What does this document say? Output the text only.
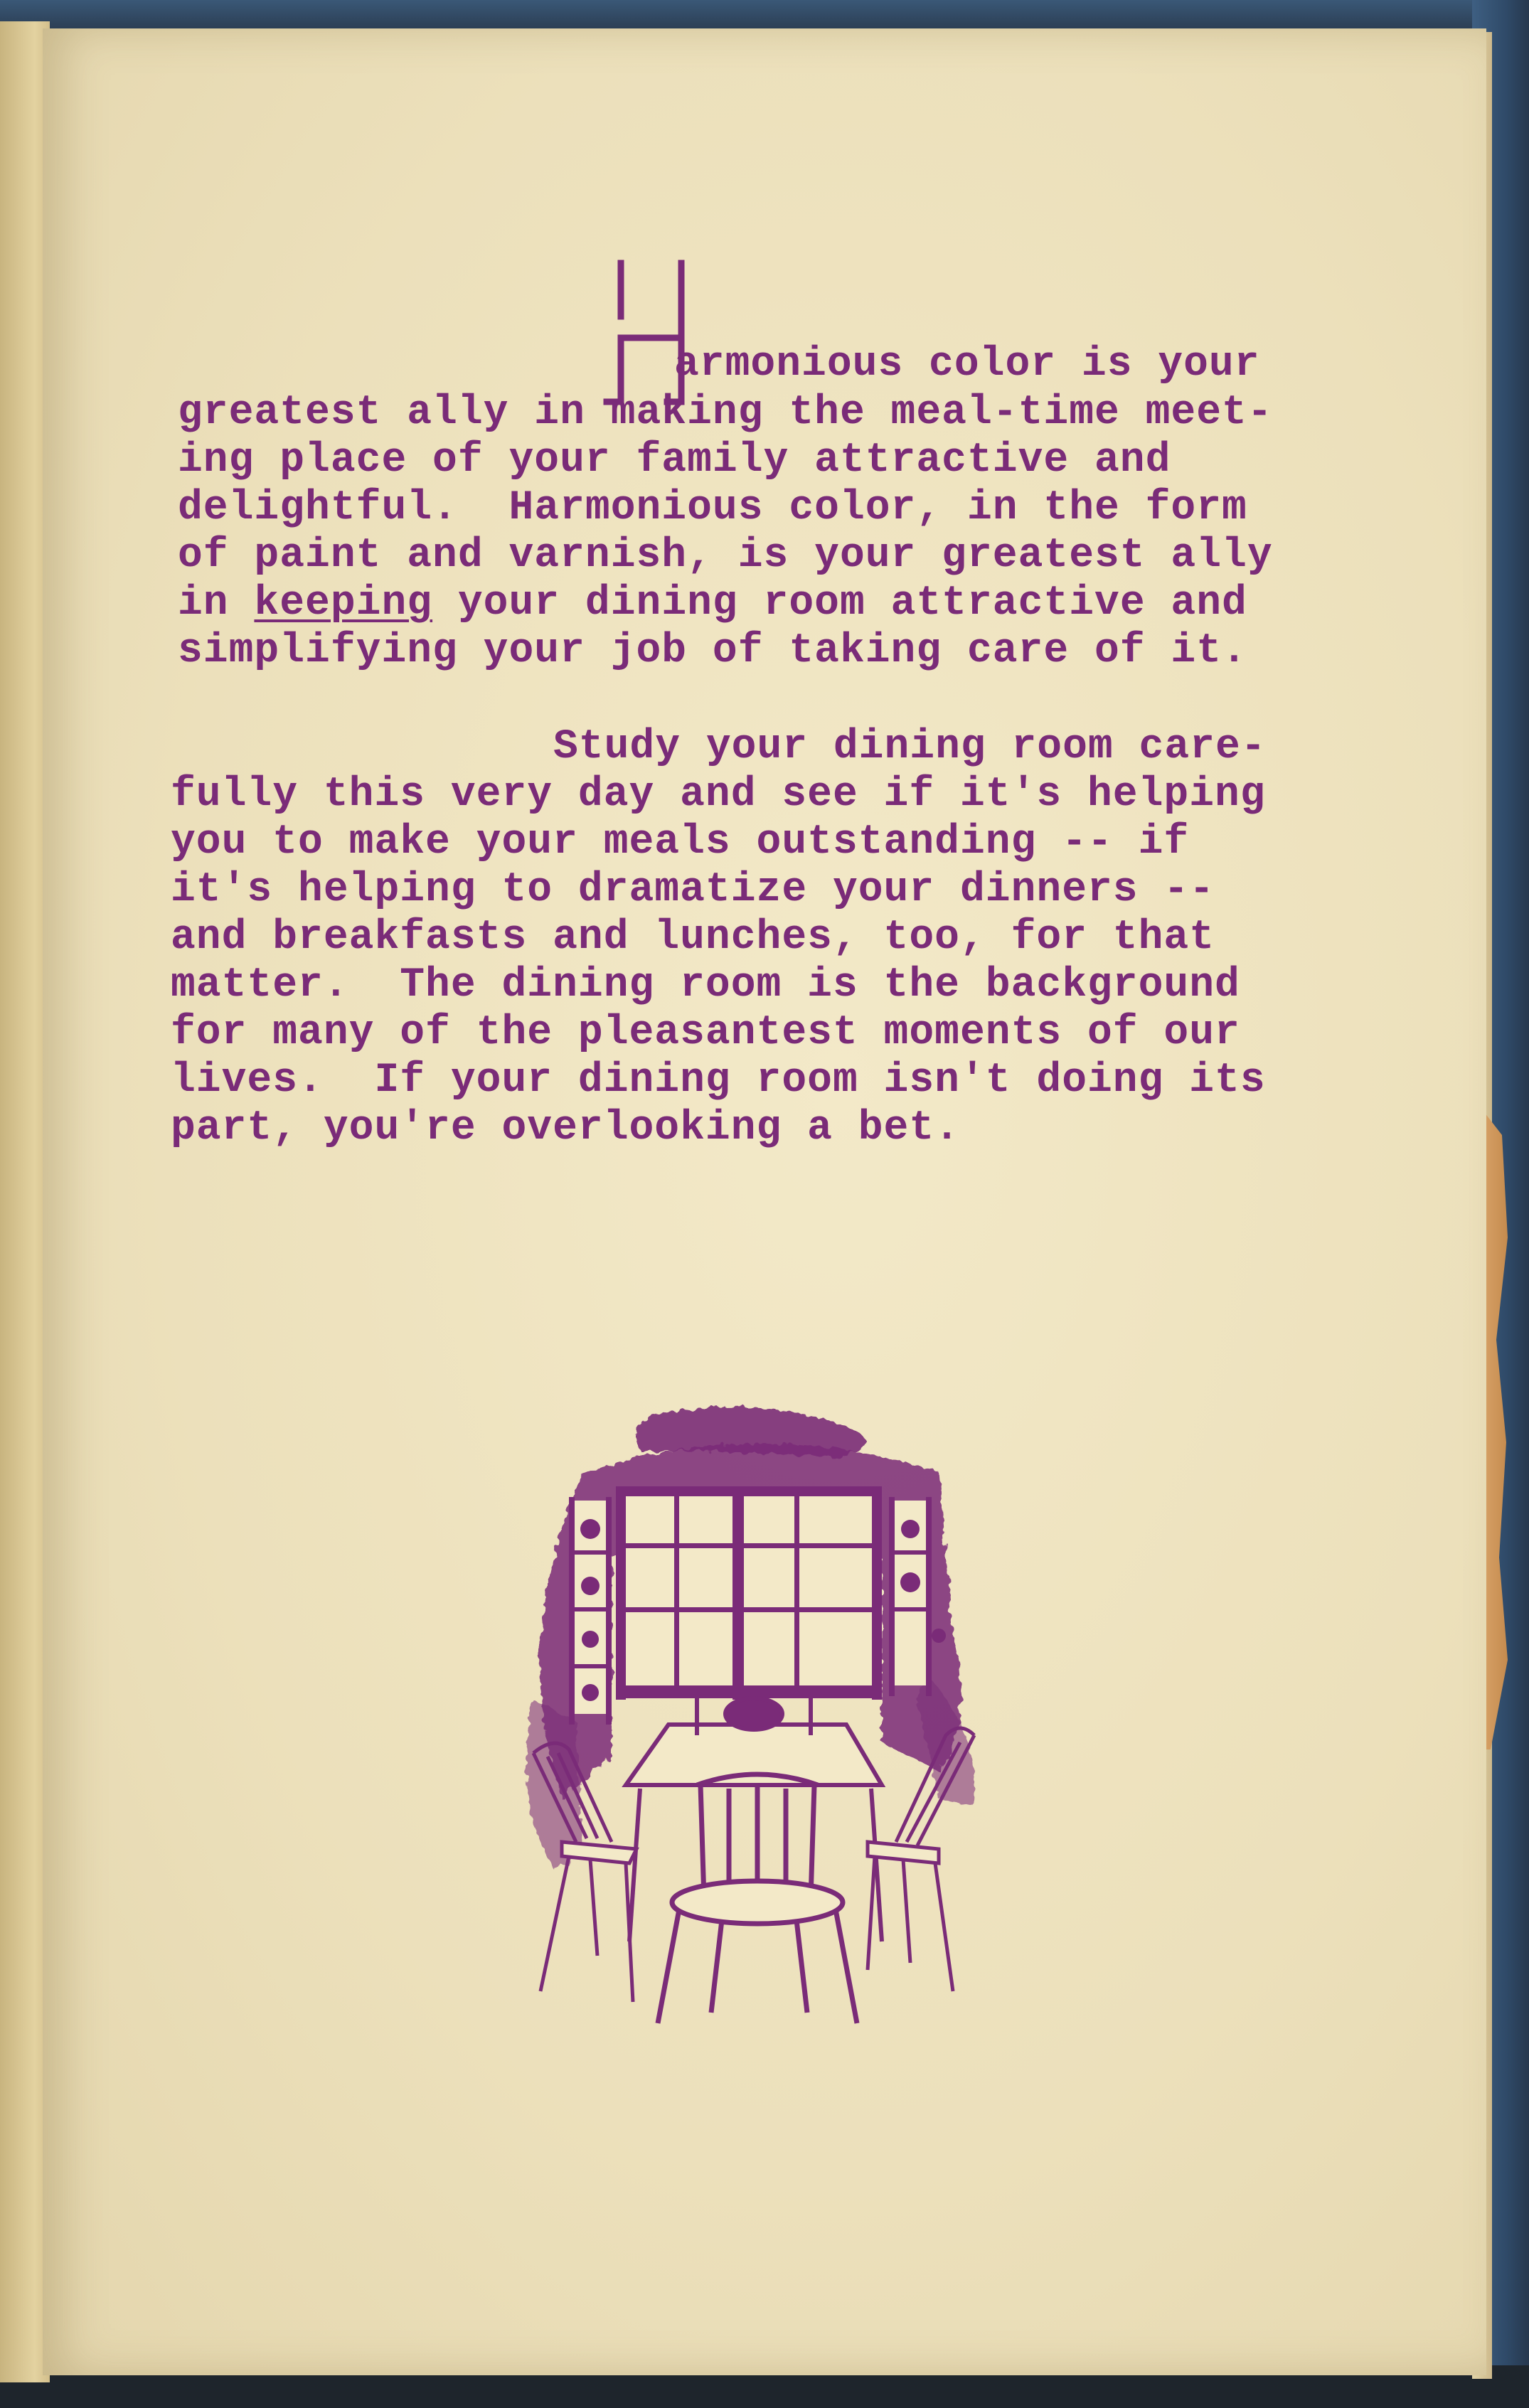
armonious color is your
greatest ally in making the meal-time meet-
ing place of your family attractive and
delightful.  Harmonious color, in the form
of paint and varnish, is your greatest ally
in keeping your dining room attractive and
simplifying your job of taking care of it.
Study your dining room care-
fully this very day and see if it's helping
you to make your meals outstanding -- if
it's helping to dramatize your dinners --
and breakfasts and lunches, too, for that
matter.  The dining room is the background
for many of the pleasantest moments of our
lives.  If your dining room isn't doing its
part, you're overlooking a bet.
